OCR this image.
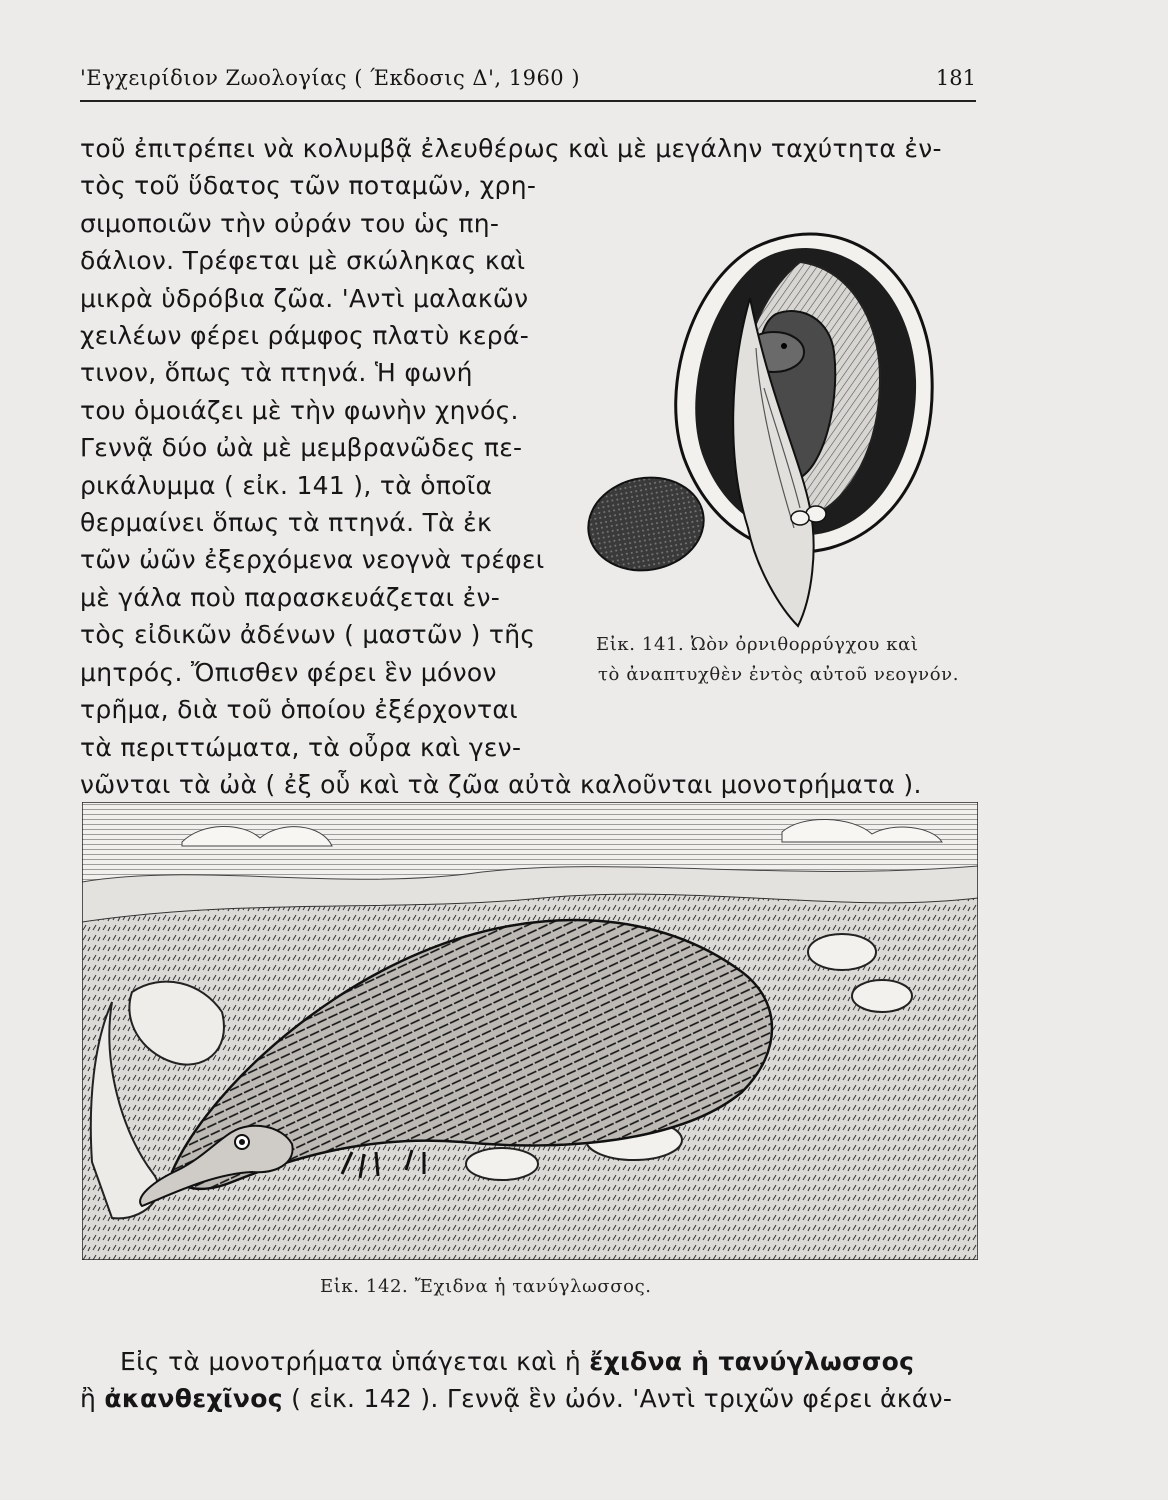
'Εγχειρίδιον Ζωολογίας ( Έκδοσις Δ', 1960 )	181

τοῦ ἐπιτρέπει νὰ κολυμβᾷ ἐλευθέρως καὶ μὲ μεγάλην ταχύτητα ἐν-
τὸς τοῦ ὕδατος τῶν ποταμῶν, χρη-
σιμοποιῶν τὴν οὐράν του ὡς πη-
δάλιον. Τρέφεται μὲ σκώληκας καὶ
μικρὰ ὑδρόβια ζῶα. 'Αντὶ μαλακῶν
χειλέων φέρει ράμφος πλατὺ κερά-
τινον, ὅπως τὰ πτηνά. Ἡ φωνή
του ὁμοιάζει μὲ τὴν φωνὴν χηνός.
Γεννᾷ δύο ὠὰ μὲ μεμβρανῶδες πε-
ρικάλυμμα ( εἰκ. 141 ), τὰ ὁποῖα
θερμαίνει ὅπως τὰ πτηνά. Τὰ ἐκ
τῶν ὠῶν ἐξερχόμενα νεογνὰ τρέφει
μὲ γάλα ποὺ παρασκευάζεται ἐν-
τὸς εἰδικῶν ἀδένων ( μαστῶν ) τῆς
μητρός. Ὄπισθεν φέρει ἓν μόνον
τρῆμα, διὰ τοῦ ὁποίου ἐξέρχονται
τὰ περιττώματα, τὰ οὖρα καὶ γεν-
νῶνται τὰ ὠὰ ( ἐξ οὗ καὶ τὰ ζῶα αὐτὰ καλοῦνται μονοτρήματα ).

Εἰκ. 141. Ὠὸν ὀρνιθορρύγχου καὶ
τὸ ἀναπτυχθὲν ἐντὸς αὐτοῦ νεογνόν.
Εἰκ. 142. Ἔχιδνα ἡ τανύγλωσσος.

Εἰς τὰ μονοτρήματα ὑπάγεται καὶ ἡ ἔχιδνα ἡ τανύγλωσσος
ἢ ἀκανθεχῖνος ( εἰκ. 142 ). Γεννᾷ ἓν ὠόν. 'Αντὶ τριχῶν φέρει ἀκάν-
